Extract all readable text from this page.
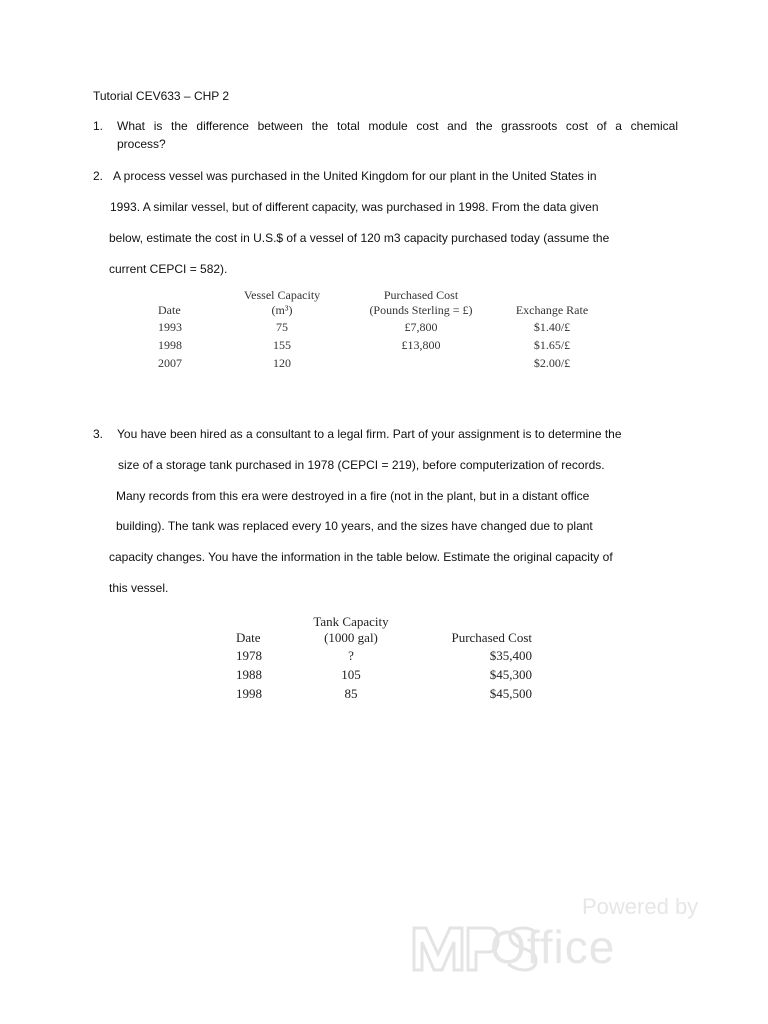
Tutorial CEV633 – CHP 2
1. What is the difference between the total module cost and the grassroots cost of a chemical
process?
2. A process vessel was purchased in the United Kingdom for our plant in the United States in
1993. A similar vessel, but of different capacity, was purchased in 1998. From the data given
below, estimate the cost in U.S.$ of a vessel of 120 m3 capacity purchased today (assume the
current CEPCI = 582).
	Vessel Capacity	Purchased Cost	
Date	(m³)	(Pounds Sterling = £)	Exchange Rate
1993	75	£7,800	$1.40/£
1998	155	£13,800	$1.65/£
2007	120		$2.00/£
3. You have been hired as a consultant to a legal firm. Part of your assignment is to determine the
size of a storage tank purchased in 1978 (CEPCI = 219), before computerization of records.
Many records from this era were destroyed in a fire (not in the plant, but in a distant office
building). The tank was replaced every 10 years, and the sizes have changed due to plant
capacity changes. You have the information in the table below. Estimate the original capacity of
this vessel.
	Tank Capacity	
Date	(1000 gal)	Purchased Cost
1978	?	$35,400
1988	105	$45,300
1998	85	$45,500
Powered by
Office
